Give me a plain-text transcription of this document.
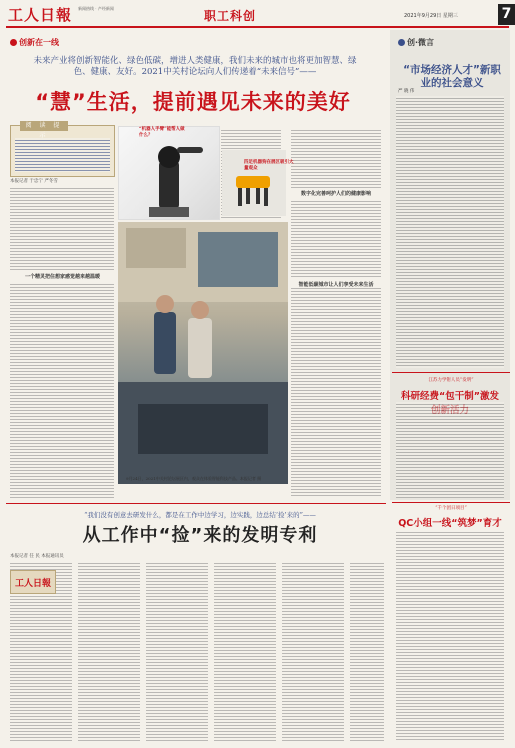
工人日報 新闻热线 · 产经新闻
职工科创	2021年9月29日 星期三	7
创新在一线
未来产业将创新智能化、绿色低碳，增进人类健康，我们未来的城市也将更加智慧、绿色、健康、友好。2021中关村论坛向人们传递着“未来信号”——
“慧”生活，提前遇见未来的美好
阅 读 提 示
本报记者 于忠宁 严冬雪
一个精灵把住想家感觉越来越温暖
数字化完善呵护人们的健康影响
智能低碳城市让人们享受未来生活
“机器人手臂”能帮人做什么？
四足机器狗在展区吸引大量观众
9月24日，2021中关村论坛展区内，观众在体验智能科技产品。本报记者 摄
创·微言
“市场经济人才”新职业的社会意义
严 晓 伟
江苏力学钳人员“发明”
科研经费“包干制”激发
“千个团日项目”
QC小组一线“筑梦”育才
“我们没有创意去研发什么，都是在工作中边学习，边实践，边总结‘捡’来的”——
从工作中“捡”来的发明专利
本报记者 任 民 本报通讯员
工人日報
